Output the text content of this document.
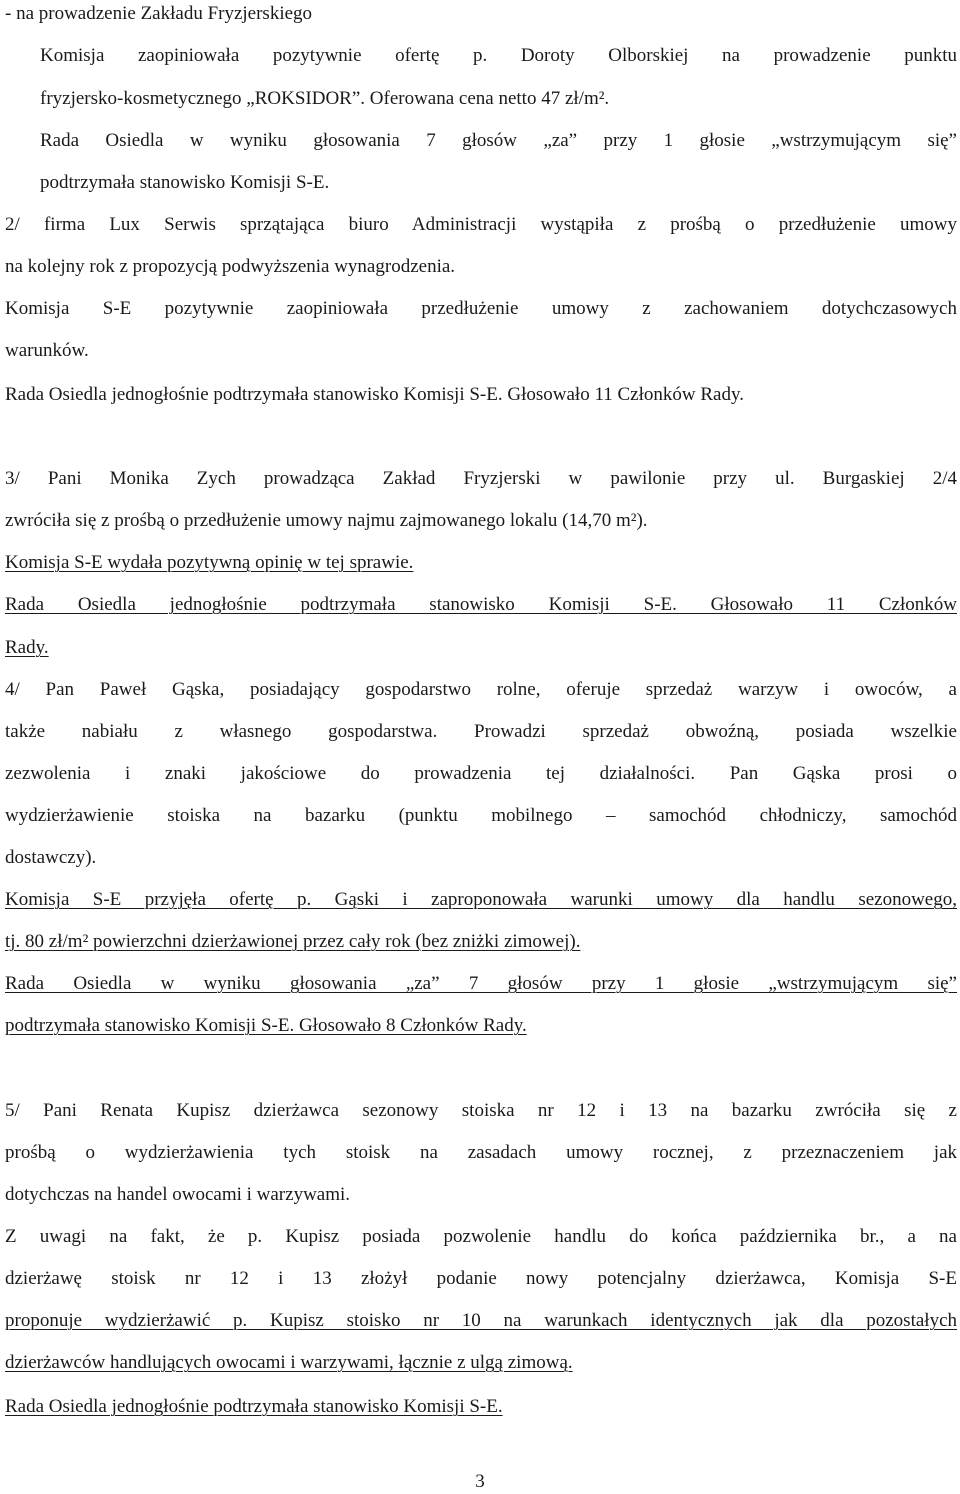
- na prowadzenie Zakładu Fryzjerskiego
Komisja zaopiniowała pozytywnie ofertę p. Doroty Olborskiej na prowadzenie punktu
fryzjersko-kosmetycznego „ROKSIDOR”. Oferowana cena netto 47 zł/m².
Rada Osiedla w wyniku głosowania 7 głosów „za” przy 1 głosie „wstrzymującym się”
podtrzymała stanowisko Komisji S-E.
2/ firma Lux Serwis sprzątająca biuro Administracji wystąpiła z prośbą o przedłużenie umowy
na kolejny rok z propozycją podwyższenia wynagrodzenia.
Komisja S-E pozytywnie zaopiniowała przedłużenie umowy z zachowaniem dotychczasowych
warunków.
Rada Osiedla jednogłośnie podtrzymała stanowisko Komisji S-E. Głosowało 11 Członków Rady.
3/ Pani Monika Zych prowadząca Zakład Fryzjerski w pawilonie przy ul. Burgaskiej 2/4
zwróciła się z prośbą o przedłużenie umowy najmu zajmowanego lokalu (14,70 m²).
Komisja S-E wydała pozytywną opinię w tej sprawie.
Rada Osiedla jednogłośnie podtrzymała stanowisko Komisji S-E. Głosowało 11 Członków
Rady.
4/ Pan Paweł Gąska, posiadający gospodarstwo rolne, oferuje sprzedaż warzyw i owoców, a
także nabiału z własnego gospodarstwa. Prowadzi sprzedaż obwoźną, posiada wszelkie
zezwolenia i znaki jakościowe do prowadzenia tej działalności. Pan Gąska prosi o
wydzierżawienie stoiska na bazarku (punktu mobilnego – samochód chłodniczy, samochód
dostawczy).
Komisja S-E przyjęła ofertę p. Gąski i zaproponowała warunki umowy dla handlu sezonowego,
tj. 80 zł/m² powierzchni dzierżawionej przez cały rok (bez zniżki zimowej).
Rada Osiedla w wyniku głosowania „za” 7 głosów przy 1 głosie „wstrzymującym się”
podtrzymała stanowisko Komisji S-E. Głosowało 8 Członków Rady.
5/ Pani Renata Kupisz dzierżawca sezonowy stoiska nr 12 i 13 na bazarku zwróciła się z
prośbą o wydzierżawienia tych stoisk na zasadach umowy rocznej, z przeznaczeniem jak
dotychczas na handel owocami i warzywami.
Z uwagi na fakt, że p. Kupisz posiada pozwolenie handlu do końca października br., a na
dzierżawę stoisk nr 12 i 13 złożył podanie nowy potencjalny dzierżawca, Komisja S-E
proponuje wydzierżawić p. Kupisz stoisko nr 10 na warunkach identycznych jak dla pozostałych
dzierżawców handlujących owocami i warzywami, łącznie z ulgą zimową.
Rada Osiedla jednogłośnie podtrzymała stanowisko Komisji S-E.
3
